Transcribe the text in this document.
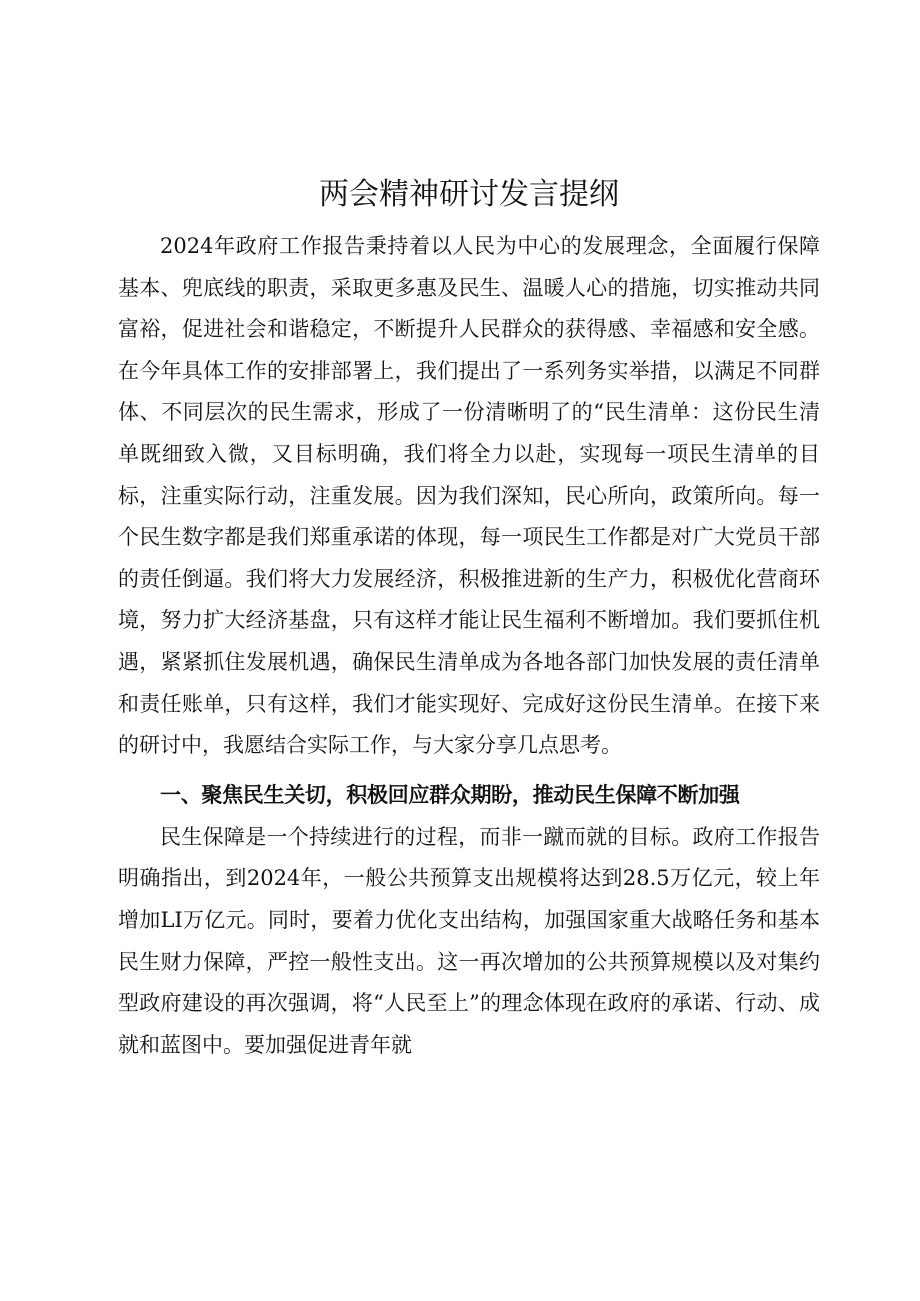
两会精神研讨发言提纲

2024年政府工作报告秉持着以人民为中心的发展理念，全面履行保障基本、兜底线的职责，采取更多惠及民生、温暖人心的措施，切实推动共同富裕，促进社会和谐稳定，不断提升人民群众的获得感、幸福感和安全感。在今年具体工作的安排部署上，我们提出了一系列务实举措，以满足不同群体、不同层次的民生需求，形成了一份清晰明了的“民生清单：这份民生清单既细致入微，又目标明确，我们将全力以赴，实现每一项民生清单的目标，注重实际行动，注重发展。因为我们深知，民心所向，政策所向。每一个民生数字都是我们郑重承诺的体现，每一项民生工作都是对广大党员干部的责任倒逼。我们将大力发展经济，积极推进新的生产力，积极优化营商环境，努力扩大经济基盘，只有这样才能让民生福利不断增加。我们要抓住机遇，紧紧抓住发展机遇，确保民生清单成为各地各部门加快发展的责任清单和责任账单，只有这样，我们才能实现好、完成好这份民生清单。在接下来的研讨中，我愿结合实际工作，与大家分享几点思考。

一、聚焦民生关切，积极回应群众期盼，推动民生保障不断加强

民生保障是一个持续进行的过程，而非一蹴而就的目标。政府工作报告明确指出，到2024年，一般公共预算支出规模将达到28.5万亿元，较上年增加LI万亿元。同时，要着力优化支出结构，加强国家重大战略任务和基本民生财力保障，严控一般性支出。这一再次增加的公共预算规模以及对集约型政府建设的再次强调，将“人民至上”的理念体现在政府的承诺、行动、成就和蓝图中。要加强促进青年就
